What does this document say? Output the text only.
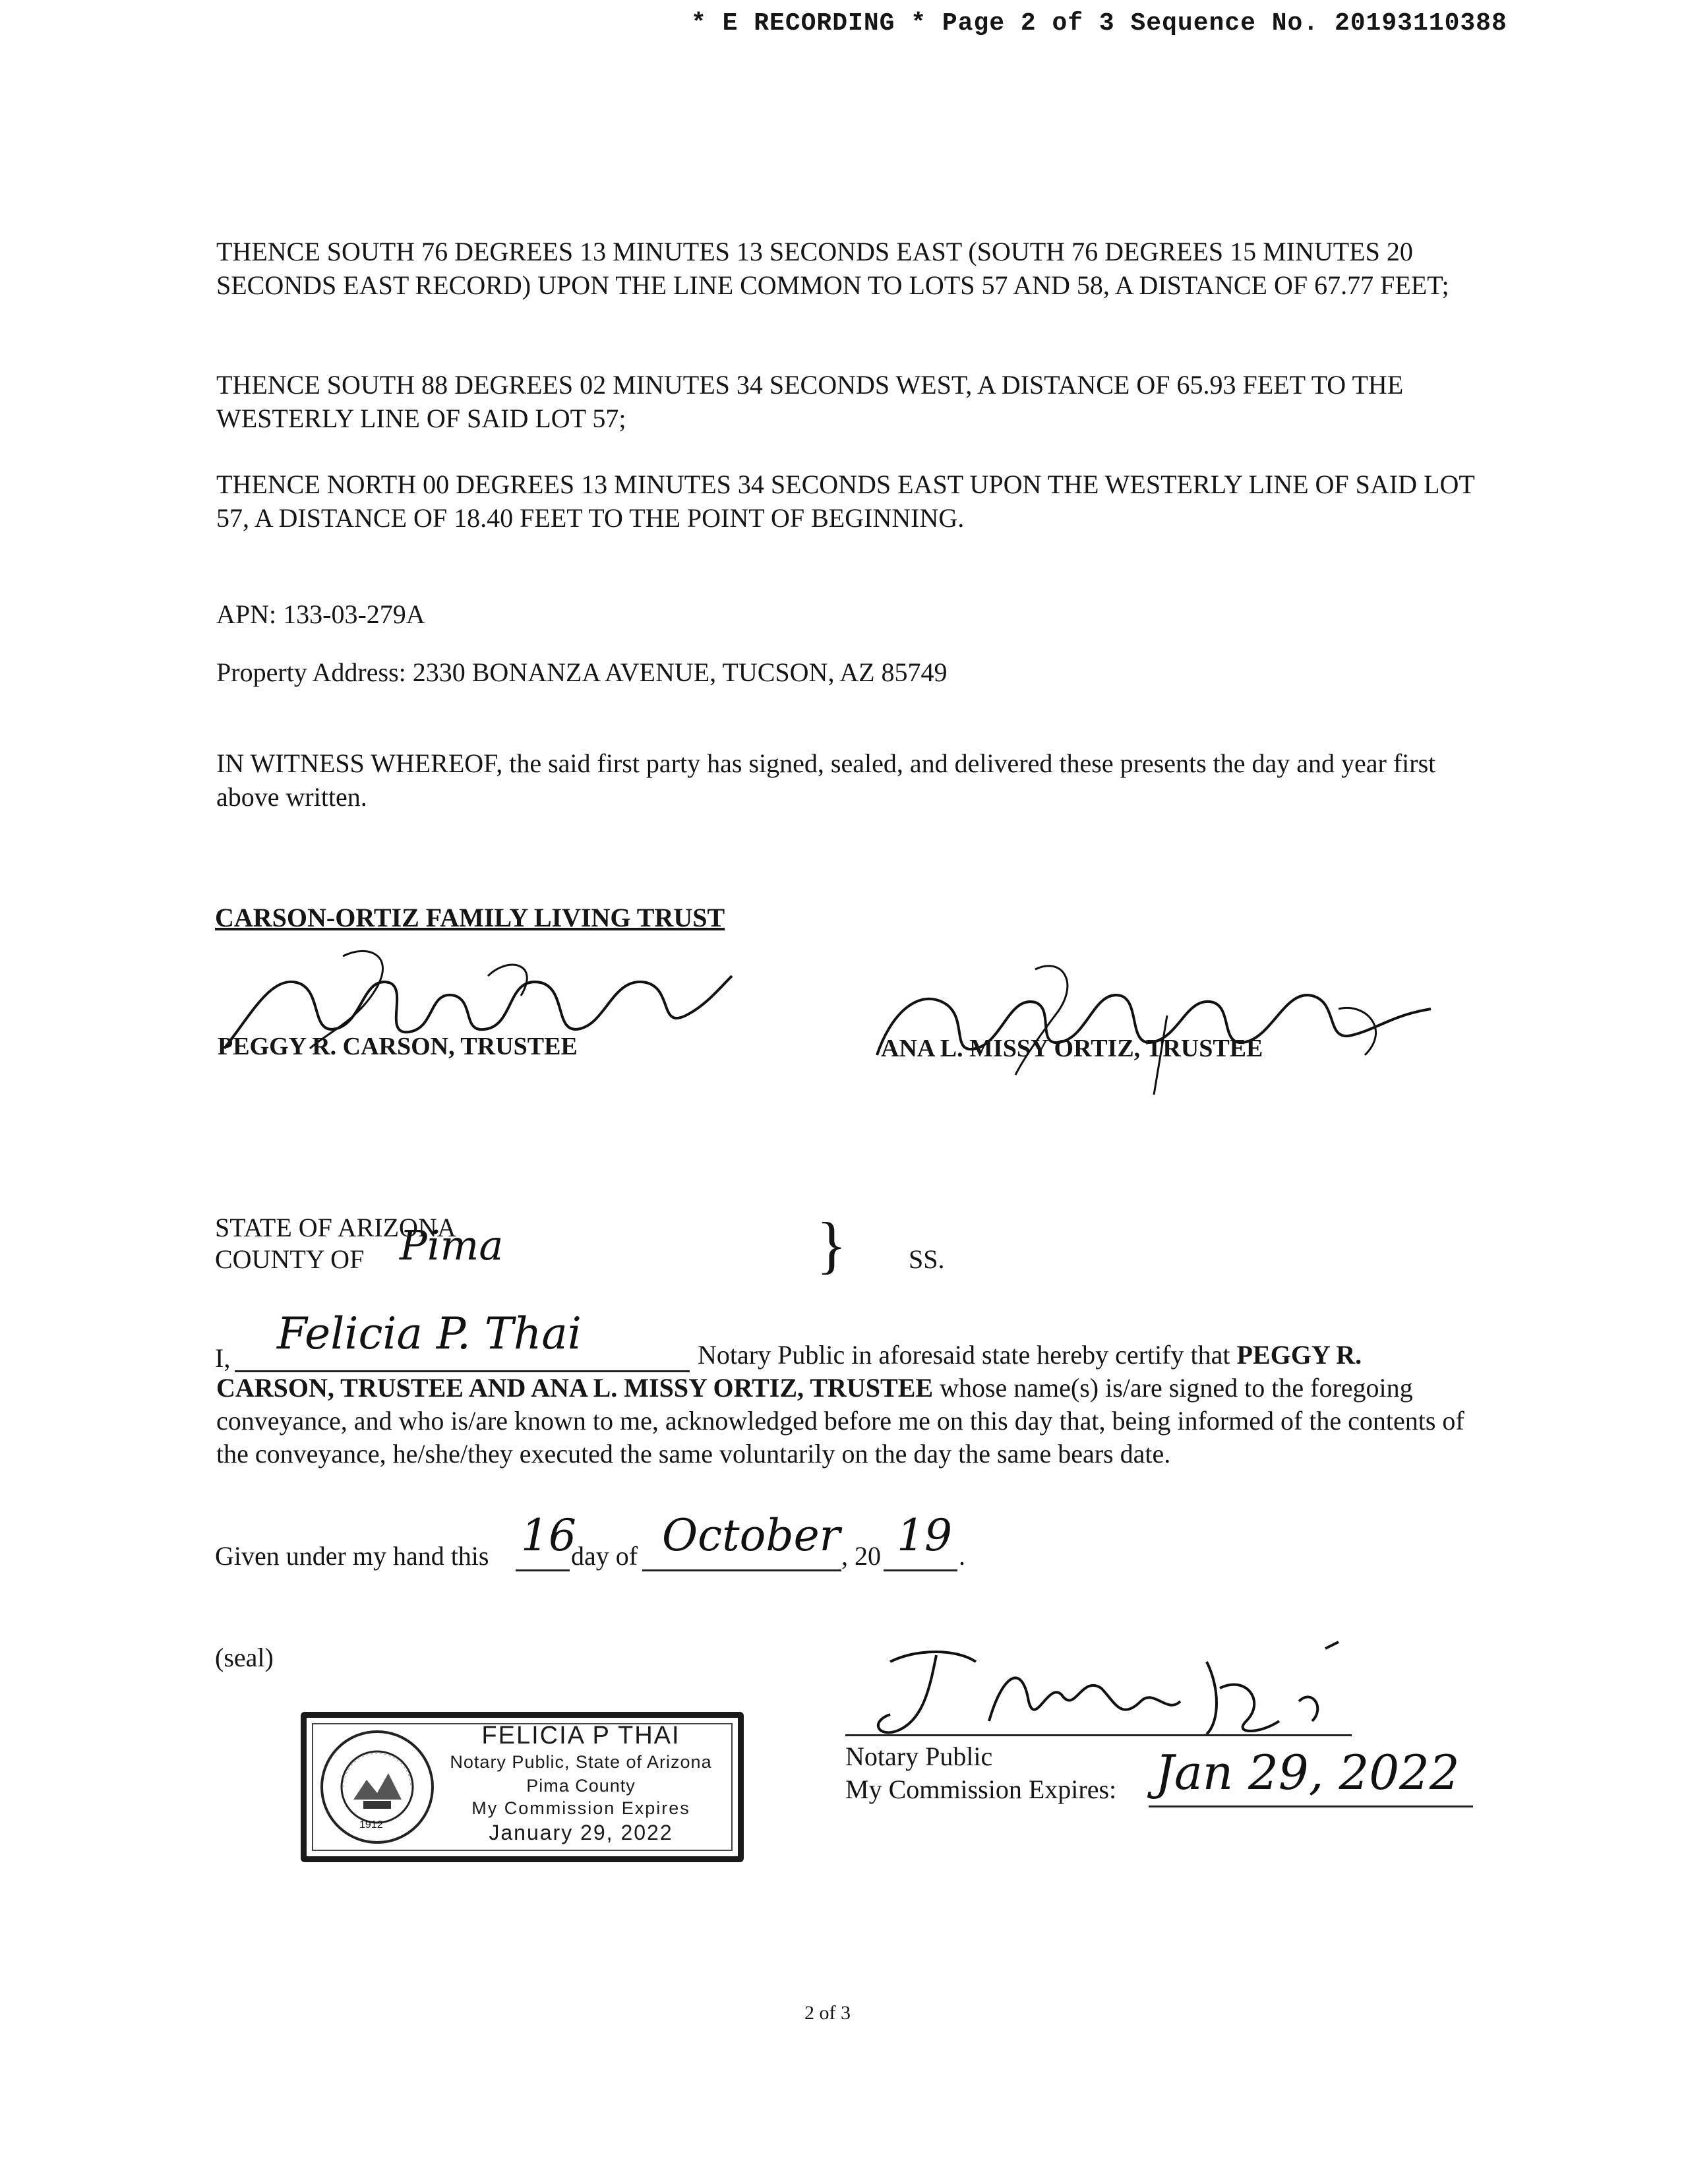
* E RECORDING * Page 2 of 3 Sequence No. 20193110388

THENCE SOUTH 76 DEGREES 13 MINUTES 13 SECONDS EAST (SOUTH 76 DEGREES 15 MINUTES 20 SECONDS EAST RECORD) UPON THE LINE COMMON TO LOTS 57 AND 58, A DISTANCE OF 67.77 FEET;

THENCE SOUTH 88 DEGREES 02 MINUTES 34 SECONDS WEST, A DISTANCE OF 65.93 FEET TO THE WESTERLY LINE OF SAID LOT 57;

THENCE NORTH 00 DEGREES 13 MINUTES 34 SECONDS EAST UPON THE WESTERLY LINE OF SAID LOT 57, A DISTANCE OF 18.40 FEET TO THE POINT OF BEGINNING.

APN: 133-03-279A
Property Address: 2330 BONANZA AVENUE, TUCSON, AZ 85749

IN WITNESS WHEREOF, the said first party has signed, sealed, and delivered these presents the day and year first above written.

CARSON-ORTIZ FAMILY LIVING TRUST
PEGGY R. CARSON, TRUSTEE	ANA L. MISSY ORTIZ, TRUSTEE
STATE OF ARIZONA
COUNTY OF Pima	} SS.
I, Felicia P. Thai	Notary Public in aforesaid state hereby certify that PEGGY R. CARSON, TRUSTEE AND ANA L. MISSY ORTIZ, TRUSTEE whose name(s) is/are signed to the foregoing conveyance, and who is/are known to me, acknowledged before me on this day that, being informed of the contents of the conveyance, he/she/they executed the same voluntarily on the day the same bears date.

Given under my hand this 16
day of October , 20 19 .
(seal)
1912
FELICIA P THAI
Notary Public, State of Arizona
Pima County
My Commission Expires
January 29, 2022
Notary Public
My Commission Expires: Jan 29, 2022
2 of 3
